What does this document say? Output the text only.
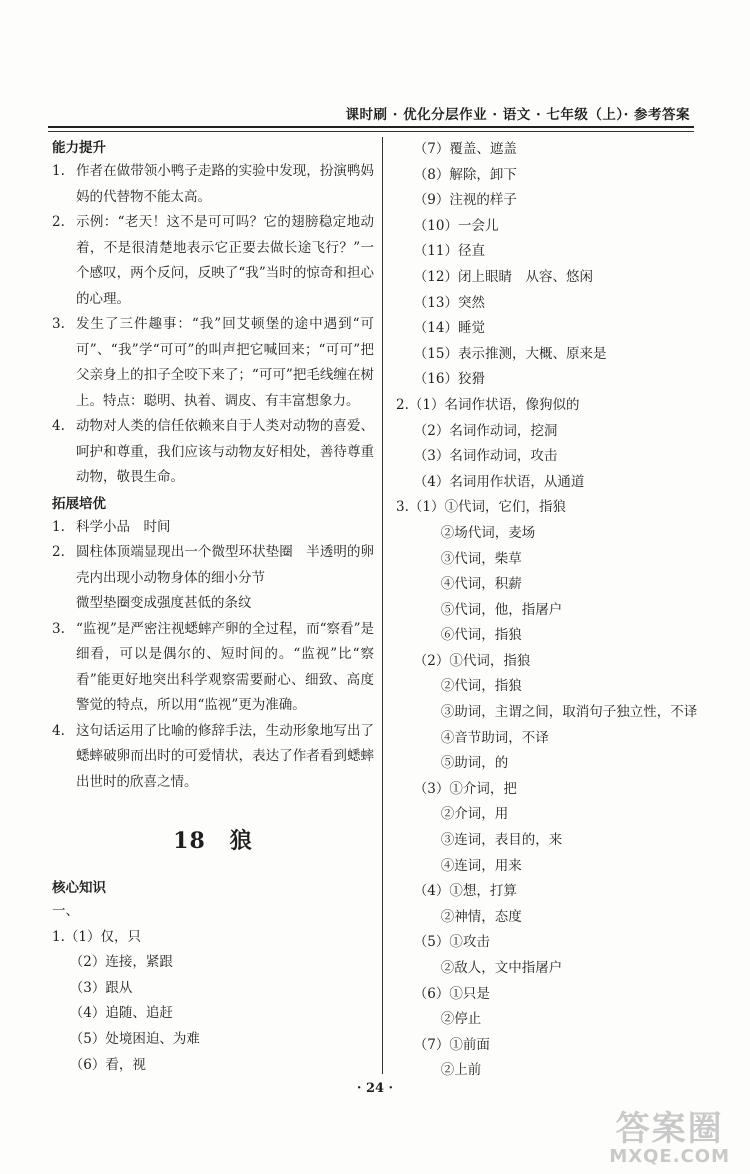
课时刷 · 优化分层作业 · 语文 · 七年级（上）· 参考答案
能力提升
1. 作者在做带领小鸭子走路的实验中发现，扮演鸭妈妈的代替物不能太高。
2. 示例：“老天！这不是可可吗？它的翅膀稳定地动着，不是很清楚地表示它正要去做长途飞行？”一个感叹，两个反问，反映了“我”当时的惊奇和担心的心理。
3. 发生了三件趣事：“我”回艾顿堡的途中遇到“可可”、“我”学“可可”的叫声把它喊回来；“可可”把父亲身上的扣子全咬下来了；“可可”把毛线缠在树上。特点：聪明、执着、调皮、有丰富想象力。
4. 动物对人类的信任依赖来自于人类对动物的喜爱、呵护和尊重，我们应该与动物友好相处，善待尊重动物，敬畏生命。
拓展培优
1. 科学小品　时间
2. 圆柱体顶端显现出一个微型环状垫圈　半透明的卵壳内出现小动物身体的细小分节
微型垫圈变成强度甚低的条纹
3. “监视”是严密注视蟋蟀产卵的全过程，而“察看”是细看，可以是偶尔的、短时间的。“监视”比“察看”能更好地突出科学观察需要耐心、细致、高度警觉的特点，所以用“监视”更为准确。
4. 这句话运用了比喻的修辞手法，生动形象地写出了蟋蟀破卵而出时的可爱情状，表达了作者看到蟋蟀出世时的欣喜之情。
18 狼
核心知识
一、
1.（1）仅，只
　 （2）连接，紧跟
　 （3）跟从
　 （4）追随、追赶
　 （5）处境困迫、为难
　 （6）看，视
　 （7）覆盖、遮盖
　 （8）解除，卸下
　 （9）注视的样子
　 （10）一会儿
　 （11）径直
　 （12）闭上眼睛　从容、悠闲
　 （13）突然
　 （14）睡觉
　 （15）表示推测，大概、原来是
　 （16）狡猾
2.（1）名词作状语，像狗似的
　 （2）名词作动词，挖洞
　 （3）名词作动词，攻击
　 （4）名词用作状语，从通道
3.（1）①代词，它们，指狼
　　　 ②场代词，麦场
　　　 ③代词，柴草
　　　 ④代词，积薪
　　　 ⑤代词，他，指屠户
　　　 ⑥代词，指狼
　 （2）①代词，指狼
　　　 ②代词，指狼
　　　 ③助词，主谓之间，取消句子独立性，不译
　　　 ④音节助词，不译
　　　 ⑤助词，的
　 （3）①介词，把
　　　 ②介词，用
　　　 ③连词，表目的，来
　　　 ④连词，用来
　 （4）①想，打算
　　　 ②神情，态度
　 （5）①攻击
　　　 ②敌人，文中指屠户
　 （6）①只是
　　　 ②停止
　 （7）①前面
　　　 ②上前
· 24 ·
答案圈
MXQE.COM
